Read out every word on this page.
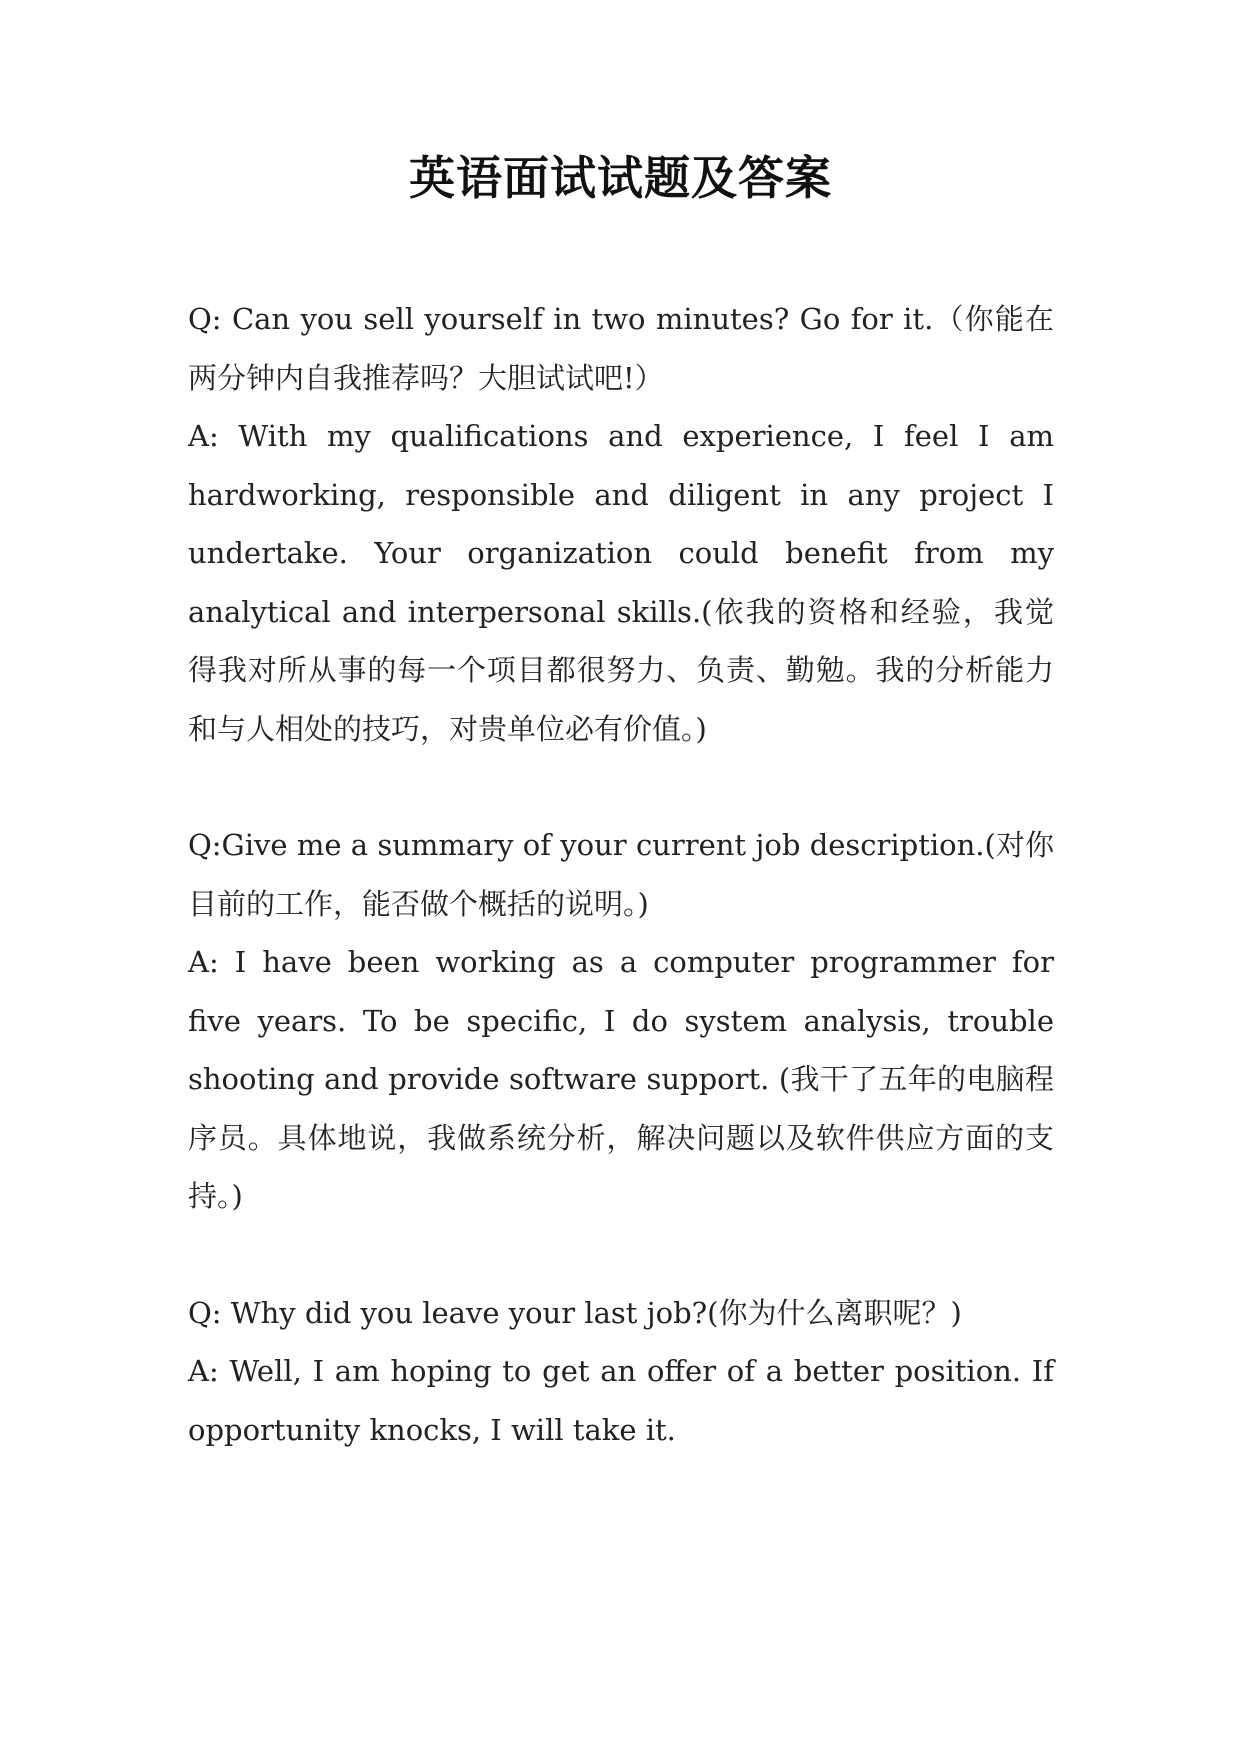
英语面试试题及答案

Q: Can you sell yourself in two minutes? Go for it.（你能在两分钟内自我推荐吗？大胆试试吧!）

A: With my qualifications and experience, I feel I am hardworking, responsible and diligent in any project I undertake. Your organization could benefit from my analytical and interpersonal skills.(依我的资格和经验，我觉得我对所从事的每一个项目都很努力、负责、勤勉。我的分析能力和与人相处的技巧，对贵单位必有价值。)

Q:Give me a summary of your current job description.(对你目前的工作，能否做个概括的说明。)

A: I have been working as a computer programmer for five years. To be specific, I do system analysis, trouble shooting and provide software support. (我干了五年的电脑程序员。具体地说，我做系统分析，解决问题以及软件供应方面的支持。)

Q: Why did you leave your last job?(你为什么离职呢？)

A: Well, I am hoping to get an offer of a better position. If opportunity knocks, I will take it.
